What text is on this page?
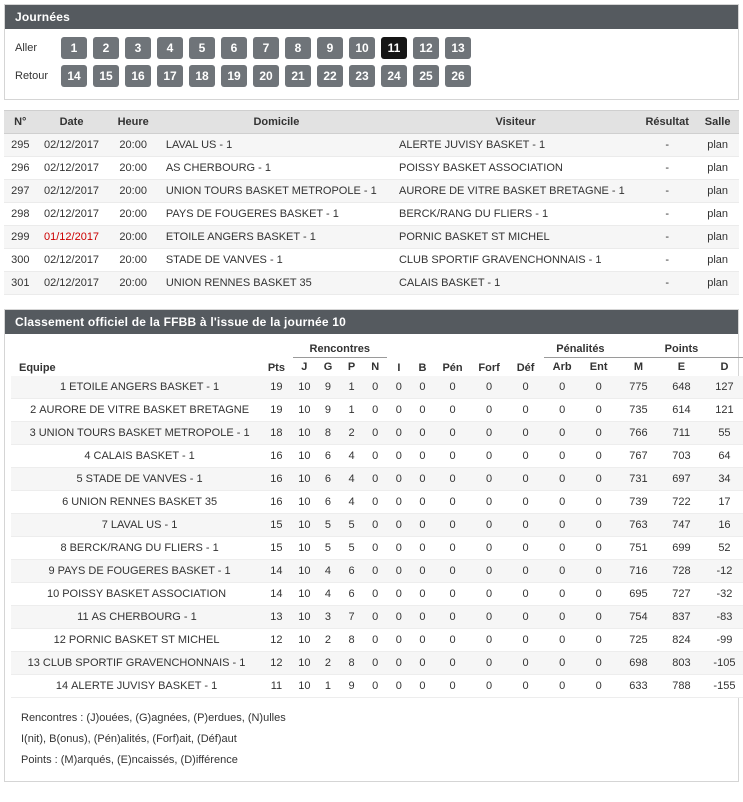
Journées
Aller	1	2	3	4	5	6	7	8	9	10	11	12	13
Retour	14	15	16	17	18	19	20	21	22	23	24	25	26
N°	Date	Heure	Domicile	Visiteur	Résultat	Salle
295	02/12/2017	20:00	LAVAL US - 1	ALERTE JUVISY BASKET - 1	-	plan
296	02/12/2017	20:00	AS CHERBOURG - 1	POISSY BASKET ASSOCIATION	-	plan
297	02/12/2017	20:00	UNION TOURS BASKET METROPOLE - 1	AURORE DE VITRE BASKET BRETAGNE - 1	-	plan
298	02/12/2017	20:00	PAYS DE FOUGERES BASKET - 1	BERCK/RANG DU FLIERS - 1	-	plan
299	01/12/2017	20:00	ETOILE ANGERS BASKET - 1	PORNIC BASKET ST MICHEL	-	plan
300	02/12/2017	20:00	STADE DE VANVES - 1	CLUB SPORTIF GRAVENCHONNAIS - 1	-	plan
301	02/12/2017	20:00	UNION RENNES BASKET 35	CALAIS BASKET - 1	-	plan
Classement officiel de la FFBB à l'issue de la journée 10
Equipe	Pts	Rencontres				I	B	Pén	Forf	Déf	Pénalités		Points		
		J	G	P	N						Arb	Ent	M	E	D
1 ETOILE ANGERS BASKET - 1	19	10	9	1	0	0	0	0	0	0	0	0	775	648	127
2 AURORE DE VITRE BASKET BRETAGNE	19	10	9	1	0	0	0	0	0	0	0	0	735	614	121
3 UNION TOURS BASKET METROPOLE - 1	18	10	8	2	0	0	0	0	0	0	0	0	766	711	55
4 CALAIS BASKET - 1	16	10	6	4	0	0	0	0	0	0	0	0	767	703	64
5 STADE DE VANVES - 1	16	10	6	4	0	0	0	0	0	0	0	0	731	697	34
6 UNION RENNES BASKET 35	16	10	6	4	0	0	0	0	0	0	0	0	739	722	17
7 LAVAL US - 1	15	10	5	5	0	0	0	0	0	0	0	0	763	747	16
8 BERCK/RANG DU FLIERS - 1	15	10	5	5	0	0	0	0	0	0	0	0	751	699	52
9 PAYS DE FOUGERES BASKET - 1	14	10	4	6	0	0	0	0	0	0	0	0	716	728	-12
10 POISSY BASKET ASSOCIATION	14	10	4	6	0	0	0	0	0	0	0	0	695	727	-32
11 AS CHERBOURG - 1	13	10	3	7	0	0	0	0	0	0	0	0	754	837	-83
12 PORNIC BASKET ST MICHEL	12	10	2	8	0	0	0	0	0	0	0	0	725	824	-99
13 CLUB SPORTIF GRAVENCHONNAIS - 1	12	10	2	8	0	0	0	0	0	0	0	0	698	803	-105
14 ALERTE JUVISY BASKET - 1	11	10	1	9	0	0	0	0	0	0	0	0	633	788	-155
Rencontres : (J)ouées, (G)agnées, (P)erdues, (N)ulles
I(nit), B(onus), (Pén)alités, (Forf)ait, (Déf)aut
Points : (M)arqués, (E)ncaissés, (D)ifférence
